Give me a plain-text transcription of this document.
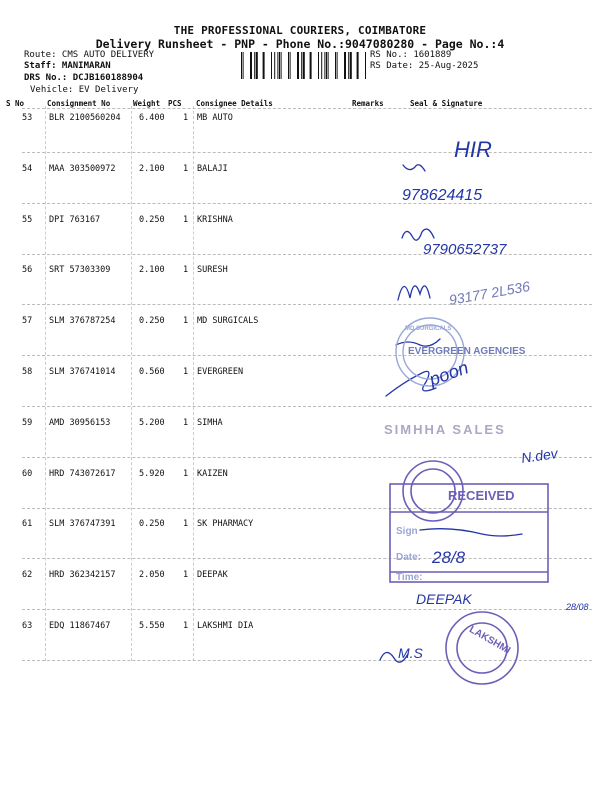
THE PROFESSIONAL COURIERS, COIMBATORE
Delivery Runsheet - PNP - Phone No.:9047080280 - Page No.:4
Route: CMS AUTO DELIVERY
Staff: MANIMARAN
DRS No.: DCJB160188904
Vehicle: EV Delivery
RS No.: 1601889
RS Date: 25-Aug-2025
S No	Consignment No	Weight PCS Consignee Details	Remarks	Seal & Signature
53 BLR 2100560204 6.400 1 MB AUTO
54 MAA 303500972	2.100 1 BALAJI
55 DPI 763167	0.250 1 KRISHNA
56 SRT 57303309	2.100 1 SURESH
57 SLM 376787254	0.250 1 MD SURGICALS
58 SLM 376741014	0.560 1 EVERGREEN
59 AMD 30956153	5.200 1 SIMHA
60 HRD 743072617	5.920 1 KAIZEN
61 SLM 376747391	0.250 1 SK PHARMACY
62 HRD 362342157	2.050 1 DEEPAK
63 EDQ 11867467	5.550 1 LAKSHMI DIA
HIR
978624415
9790652737
93177 2L536
poon
N.dev
28/8
DEEPAK	28/08
M.S
MD SURGICALS
EVERGREEN AGENCIES
SIMHHA SALES
RECEIVED
Sign
Date:
Time:
LAKSHMI
